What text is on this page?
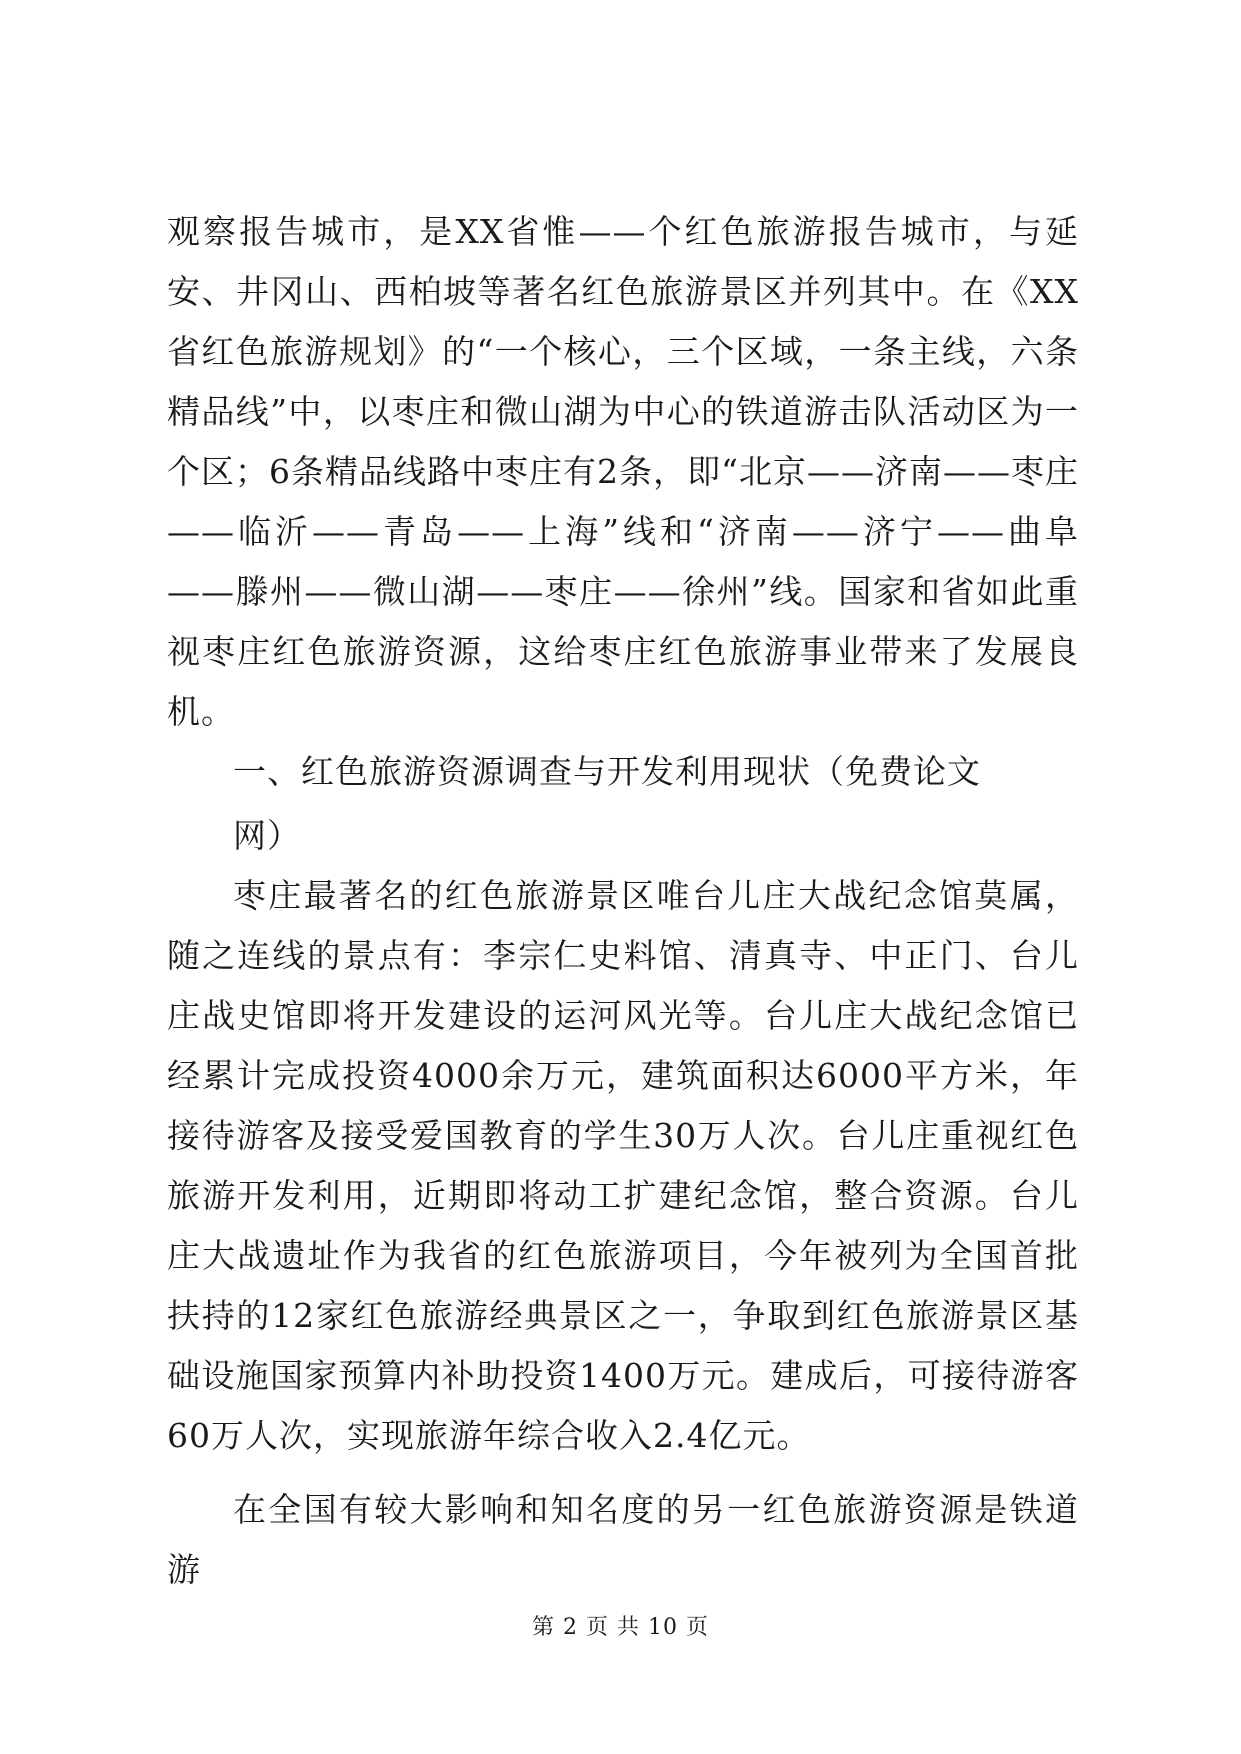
观察报告城市，是XX省惟——个红色旅游报告城市，与延安、井冈山、西柏坡等著名红色旅游景区并列其中。在《XX省红色旅游规划》的“一个核心，三个区域，一条主线，六条精品线”中，以枣庄和微山湖为中心的铁道游击队活动区为一个区；6条精品线路中枣庄有2条，即“北京——济南——枣庄——临沂——青岛——上海”线和“济南——济宁——曲阜——滕州——微山湖——枣庄——徐州”线。国家和省如此重视枣庄红色旅游资源，这给枣庄红色旅游事业带来了发展良机。

一、红色旅游资源调查与开发利用现状（免费论文

网）

枣庄最著名的红色旅游景区唯台儿庄大战纪念馆莫属，随之连线的景点有：李宗仁史料馆、清真寺、中正门、台儿庄战史馆即将开发建设的运河风光等。台儿庄大战纪念馆已经累计完成投资4000余万元，建筑面积达6000平方米，年接待游客及接受爱国教育的学生30万人次。台儿庄重视红色旅游开发利用，近期即将动工扩建纪念馆，整合资源。台儿庄大战遗址作为我省的红色旅游项目，今年被列为全国首批扶持的12家红色旅游经典景区之一，争取到红色旅游景区基础设施国家预算内补助投资1400万元。建成后，可接待游客60万人次，实现旅游年综合收入2.4亿元。

在全国有较大影响和知名度的另一红色旅游资源是铁道游

第 2 页 共 10 页
